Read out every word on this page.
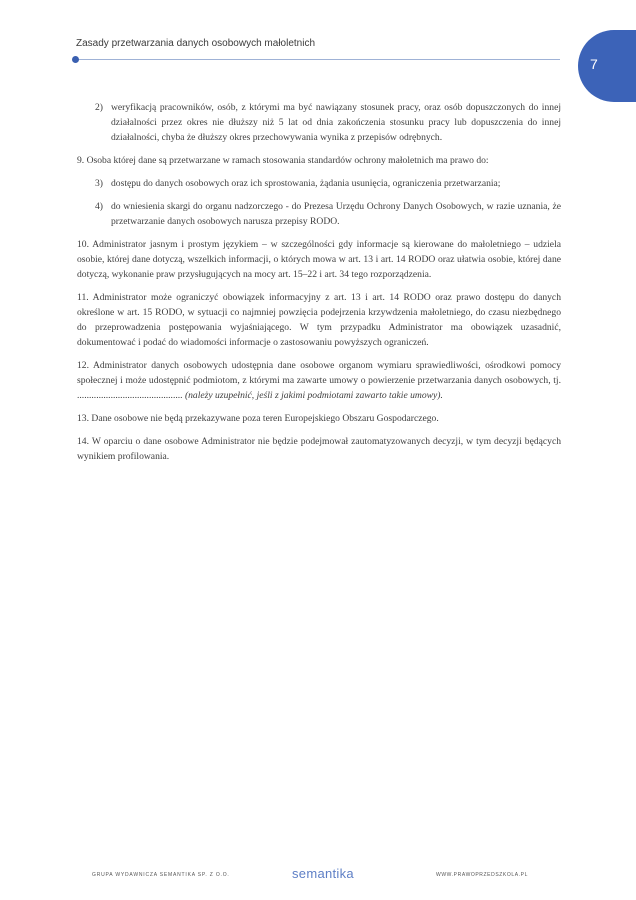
7
Zasady przetwarzania danych osobowych małoletnich
2) weryfikacją pracowników, osób, z którymi ma być nawiązany stosunek pracy, oraz osób dopuszczonych do innej działalności przez okres nie dłuższy niż 5 lat od dnia zakończenia stosunku pracy lub dopuszczenia do innej działalności, chyba że dłuższy okres przechowywania wynika z przepisów odrębnych.

9. Osoba której dane są przetwarzane w ramach stosowania standardów ochrony małoletnich ma prawo do:

3) dostępu do danych osobowych oraz ich sprostowania, żądania usunięcia, ograniczenia przetwarzania;
4) do wniesienia skargi do organu nadzorczego - do Prezesa Urzędu Ochrony Danych Osobowych, w razie uznania, że przetwarzanie danych osobowych narusza przepisy RODO.

10. Administrator jasnym i prostym językiem – w szczególności gdy informacje są kierowane do małoletniego – udziela osobie, której dane dotyczą, wszelkich informacji, o których mowa w art. 13 i art. 14 RODO oraz ułatwia osobie, której dane dotyczą, wykonanie praw przysługujących na mocy art. 15–22 i art. 34 tego rozporządzenia.

11. Administrator może ograniczyć obowiązek informacyjny z art. 13 i art. 14 RODO oraz prawo dostępu do danych określone w art. 15 RODO, w sytuacji co najmniej powzięcia podejrzenia krzywdzenia małoletniego, do czasu niezbędnego do przeprowadzenia postępowania wyjaśniającego. W tym przypadku Administrator ma obowiązek uzasadnić, dokumentować i podać do wiadomości informacje o zastosowaniu powyższych ograniczeń.

12. Administrator danych osobowych udostępnia dane osobowe organom wymiaru sprawiedliwości, ośrodkowi pomocy społecznej i może udostępnić podmiotom, z którymi ma zawarte umowy o powierzenie przetwarzania danych osobowych, tj. ............................................ (należy uzupełnić, jeśli z jakimi podmiotami zawarto takie umowy).

13. Dane osobowe nie będą przekazywane poza teren Europejskiego Obszaru Gospodarczego.

14. W oparciu o dane osobowe Administrator nie będzie podejmował zautomatyzowanych decyzji, w tym decyzji będących wynikiem profilowania.

GRUPA WYDAWNICZA SEMANTIKA SP. Z O.O.	semantika	WWW.PRAWOPRZEDSZKOLA.PL
